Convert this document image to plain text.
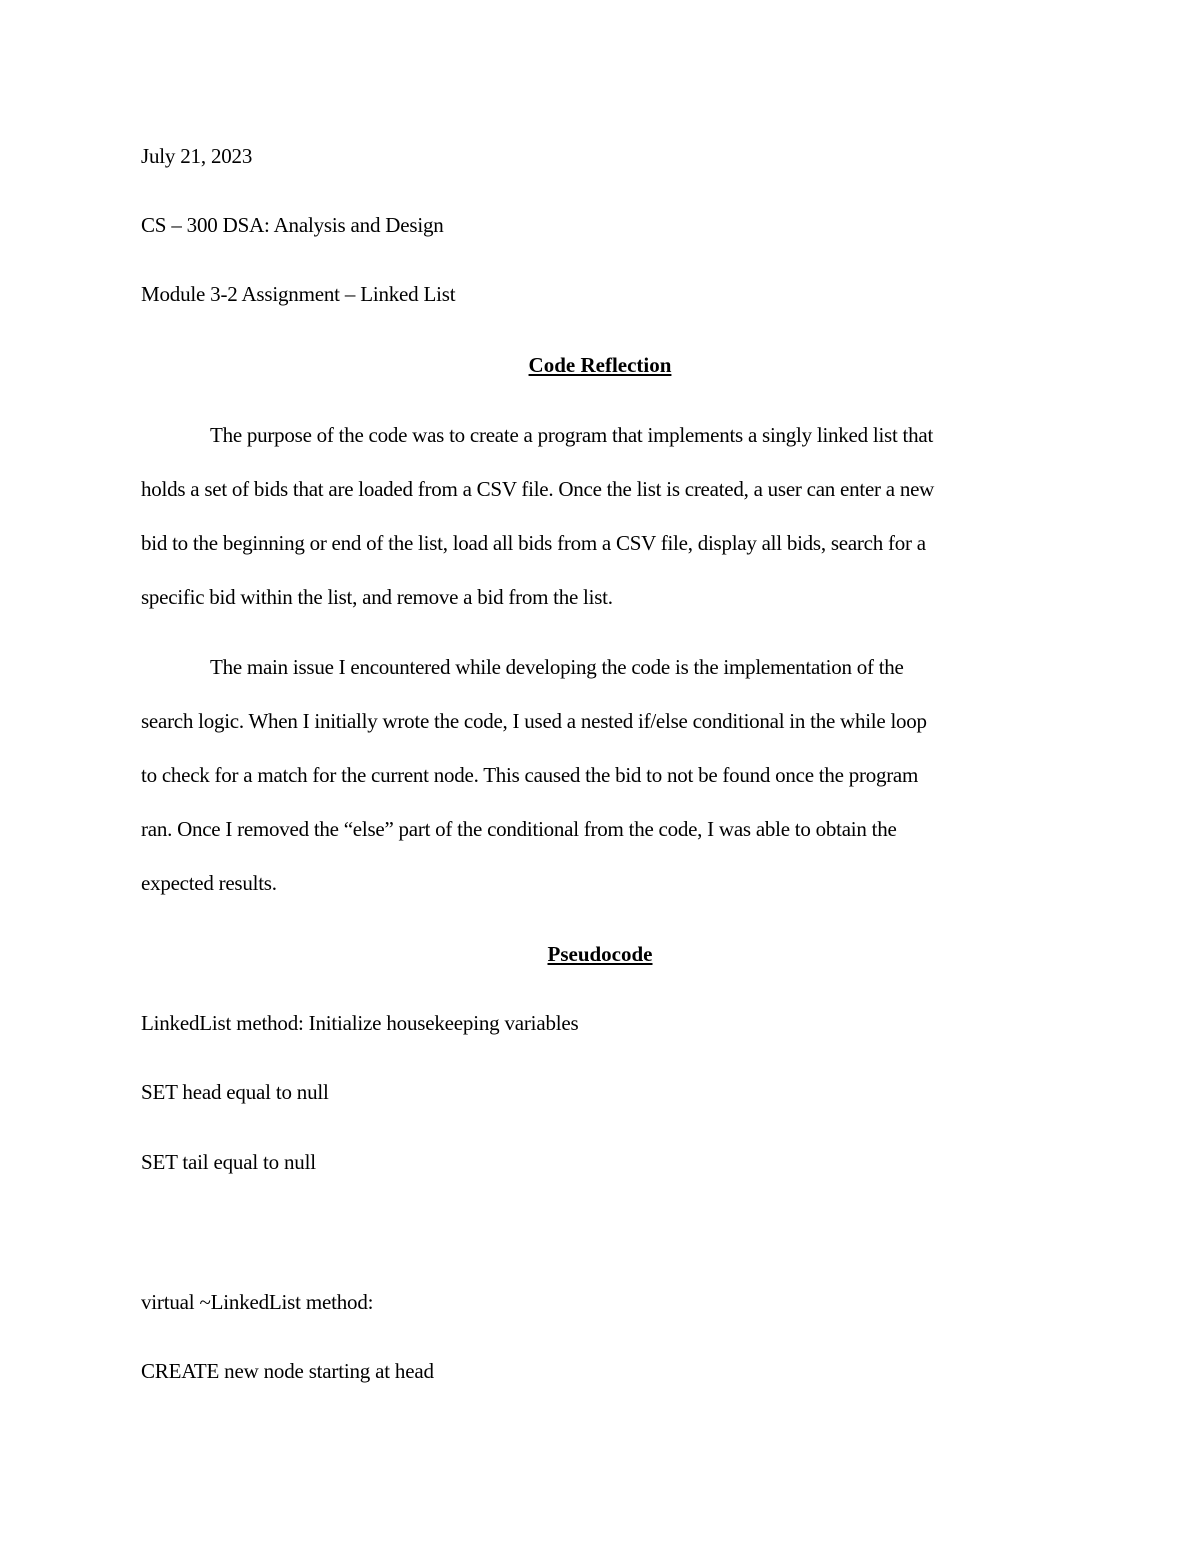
July 21, 2023
CS – 300 DSA: Analysis and Design
Module 3-2 Assignment – Linked List
Code Reflection
The purpose of the code was to create a program that implements a singly linked list that
holds a set of bids that are loaded from a CSV file. Once the list is created, a user can enter a new
bid to the beginning or end of the list, load all bids from a CSV file, display all bids, search for a
specific bid within the list, and remove a bid from the list.
The main issue I encountered while developing the code is the implementation of the
search logic. When I initially wrote the code, I used a nested if/else conditional in the while loop
to check for a match for the current node. This caused the bid to not be found once the program
ran. Once I removed the “else” part of the conditional from the code, I was able to obtain the
expected results.
Pseudocode
LinkedList method: Initialize housekeeping variables
SET head equal to null
SET tail equal to null
virtual ~LinkedList method:
CREATE new node starting at head
